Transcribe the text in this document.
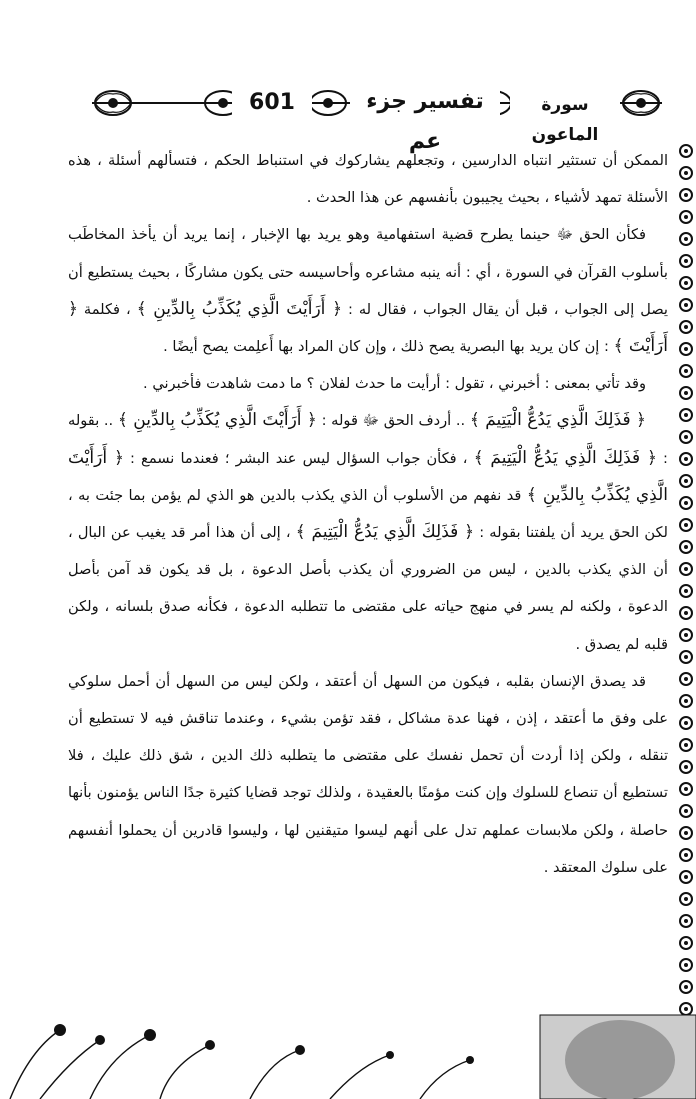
601	تفسير جزء عم
سورة الماعون

الممكن أن تستثير انتباه الدارسين ، وتجعلهم يشاركوك في استنباط الحكم ، فتسألهم أسئلة ، هذه الأسئلة تمهد لأشياء ، بحيث يجيبون بأنفسهم عن هذا الحدث .

فكأن الحق ﷻ حينما يطرح قضية استفهامية وهو يريد بها الإخبار ، إنما يريد أن يأخذ المخاطَب بأسلوب القرآن في السورة ، أي : أنه ينبه مشاعره وأحاسيسه حتى يكون مشاركًا ، بحيث يستطيع أن يصل إلى الجواب ، قبل أن يقال الجواب ، فقال له : ﴿ أَرَأَيْتَ الَّذِي يُكَذِّبُ بِالدِّينِ ﴾ ، فكلمة ﴿ أَرَأَيْتَ ﴾ : إن كان يريد بها البصرية يصح ذلك ، وإن كان المراد بها أَعلِمت يصح أيضًا .

وقد تأتي بمعنى : أخبرني ، تقول : أرأيت ما حدث لفلان ؟ ما دمت شاهدت فأخبرني .

﴿ فَذَلِكَ الَّذِي يَدُعُّ الْيَتِيمَ ﴾ .. أردف الحق ﷻ قوله : ﴿ أَرَأَيْتَ الَّذِي يُكَذِّبُ بِالدِّينِ ﴾ .. بقوله : ﴿ فَذَلِكَ الَّذِي يَدُعُّ الْيَتِيمَ ﴾ ، فكأن جواب السؤال ليس عند البشر ؛ فعندما نسمع : ﴿ أَرَأَيْتَ الَّذِي يُكَذِّبُ بِالدِّينِ ﴾ قد نفهم من الأسلوب أن الذي يكذب بالدين هو الذي لم يؤمن بما جئت به ، لكن الحق يريد أن يلفتنا بقوله : ﴿ فَذَلِكَ الَّذِي يَدُعُّ الْيَتِيمَ ﴾ ، إلى أن هذا أمر قد يغيب عن البال ، أن الذي يكذب بالدين ، ليس من الضروري أن يكذب بأصل الدعوة ، بل قد يكون قد آمن بأصل الدعوة ، ولكنه لم يسر في منهج حياته على مقتضى ما تتطلبه الدعوة ، فكأنه صدق بلسانه ، ولكن قلبه لم يصدق .

قد يصدق الإنسان بقلبه ، فيكون من السهل أن أعتقد ، ولكن ليس من السهل أن أحمل سلوكي على وفق ما أعتقد ، إذن ، فهنا عدة مشاكل ، فقد تؤمن بشيء ، وعندما تناقش فيه لا تستطيع أن تنقله ، ولكن إذا أردت أن تحمل نفسك على مقتضى ما يتطلبه ذلك الدين ، شق ذلك عليك ، فلا تستطيع أن تنصاع للسلوك وإن كنت مؤمنًا بالعقيدة ، ولذلك توجد قضايا كثيرة جدًا الناس يؤمنون بأنها حاصلة ، ولكن ملابسات عملهم تدل على أنهم ليسوا متيقنين لها ، وليسوا قادرين أن يحملوا أنفسهم على سلوك المعتقد .
